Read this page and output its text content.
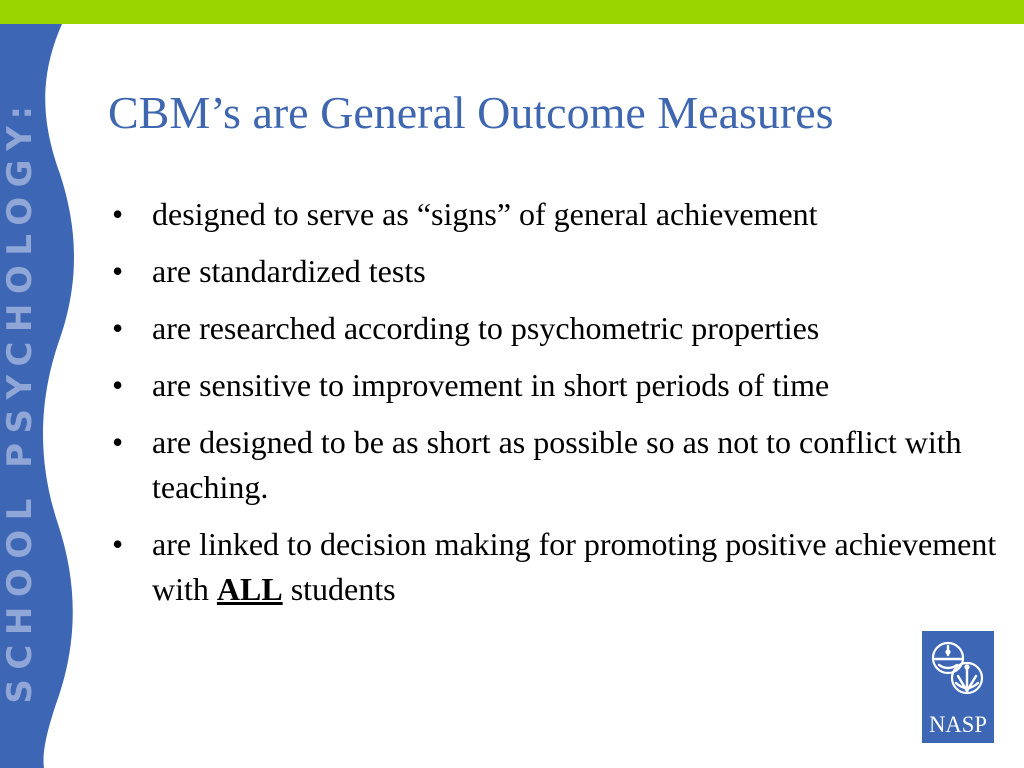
SCHOOL PSYCHOLOGY: CBM’s are General Outcome Measures
• designed to serve as “signs” of general achievement
• are standardized tests
• are researched according to psychometric properties
• are sensitive to improvement in short periods of time
• are designed to be as short as possible so as not to conflict with teaching.
• are linked to decision making for promoting positive achievement with ALL students
NASP
